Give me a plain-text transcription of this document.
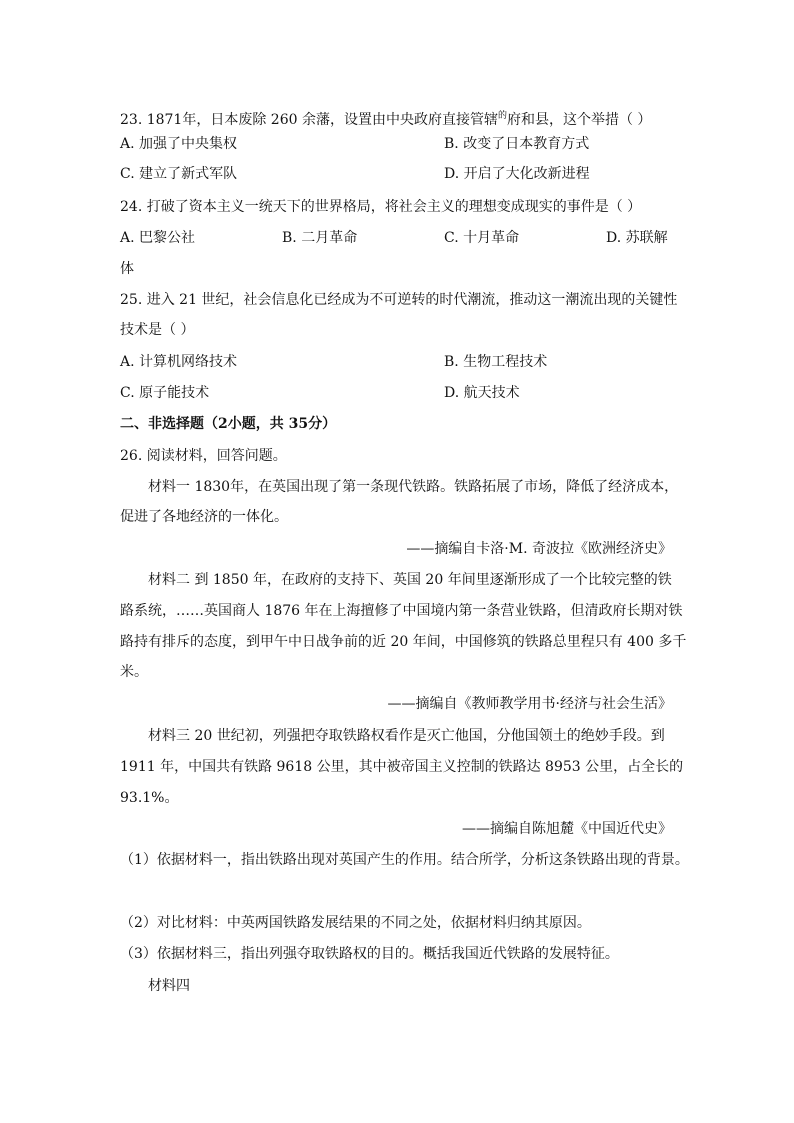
23. 1871年，日本废除 260 余藩，设置由中央政府直接管辖$^的$府和县，这个举措（ ）
A. 加强了中央集权	B. 改变了日本教育方式
C. 建立了新式军队	D. 开启了大化改新进程
24. 打破了资本主义一统天下的世界格局，将社会主义的理想变成现实的事件是（ ）
A. 巴黎公社	B. 二月革命	C. 十月革命	D. 苏联解
体
25. 进入 21 世纪，社会信息化已经成为不可逆转的时代潮流，推动这一潮流出现的关键性
技术是（ ）
A. 计算机网络技术	B. 生物工程技术
C. 原子能技术	D. 航天技术
二、非选择题（2小题，共 35分）
26. 阅读材料，回答问题。
材料一 1830年，在英国出现了第一条现代铁路。铁路拓展了市场，降低了经济成本，
促进了各地经济的一体化。
——摘编自卡洛·M. 奇波拉《欧洲经济史》
材料二 到 1850 年，在政府的支持下、英国 20 年间里逐渐形成了一个比较完整的铁
路系统，……英国商人 1876 年在上海擅修了中国境内第一条营业铁路，但清政府长期对铁
路持有排斥的态度，到甲午中日战争前的近 20 年间，中国修筑的铁路总里程只有 400 多千
米。
——摘编自《教师教学用书·经济与社会生活》
材料三 20 世纪初，列强把夺取铁路权看作是灭亡他国，分他国领土的绝妙手段。到
1911 年，中国共有铁路 9618 公里，其中被帝国主义控制的铁路达 8953 公里，占全长的
93.1%。
——摘编自陈旭麓《中国近代史》
（1）依据材料一，指出铁路出现对英国产生的作用。结合所学，分析这条铁路出现的背景。
（2）对比材料：中英两国铁路发展结果的不同之处，依据材料归纳其原因。
（3）依据材料三，指出列强夺取铁路权的目的。概括我国近代铁路的发展特征。
材料四
